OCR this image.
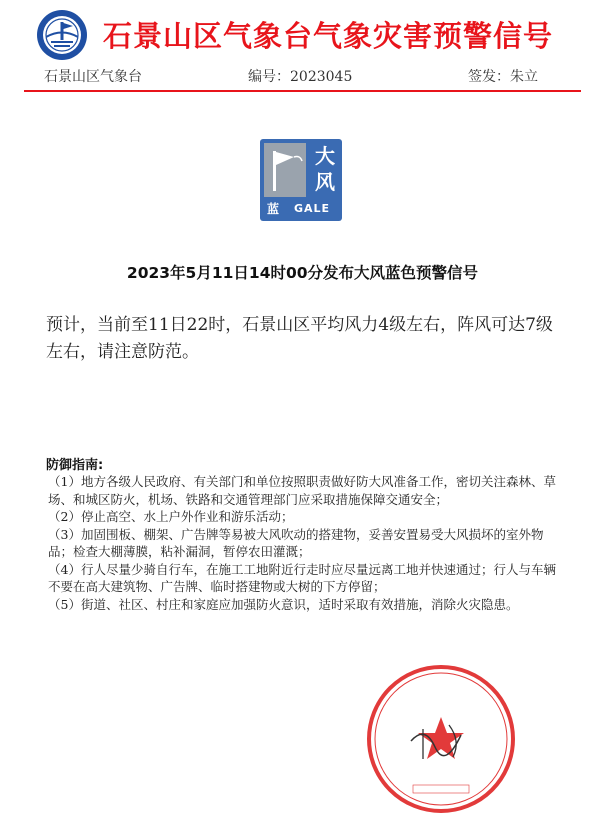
石景山区气象台气象灾害预警信号
石景山区气象台	编号：2023045	签发：朱立
大
风
蓝	GALE
2023年5月11日14时00分发布大风蓝色预警信号
预计，当前至11日22时，石景山区平均风力4级左右，阵风可达7级左右，请注意防范。
防御指南:
（1）地方各级人民政府、有关部门和单位按照职责做好防大风准备工作，密切关注森林、草场、和城区防火，机场、铁路和交通管理部门应采取措施保障交通安全；
（2）停止高空、水上户外作业和游乐活动；
（3）加固围板、棚架、广告牌等易被大风吹动的搭建物，妥善安置易受大风损坏的室外物品；检查大棚薄膜，粘补漏洞，暂停农田灌溉；
（4）行人尽量少骑自行车，在施工工地附近行走时应尽量远离工地并快速通过；行人与车辆不要在高大建筑物、广告牌、临时搭建物或大树的下方停留；
（5）街道、社区、村庄和家庭应加强防火意识，适时采取有效措施，消除火灾隐患。
